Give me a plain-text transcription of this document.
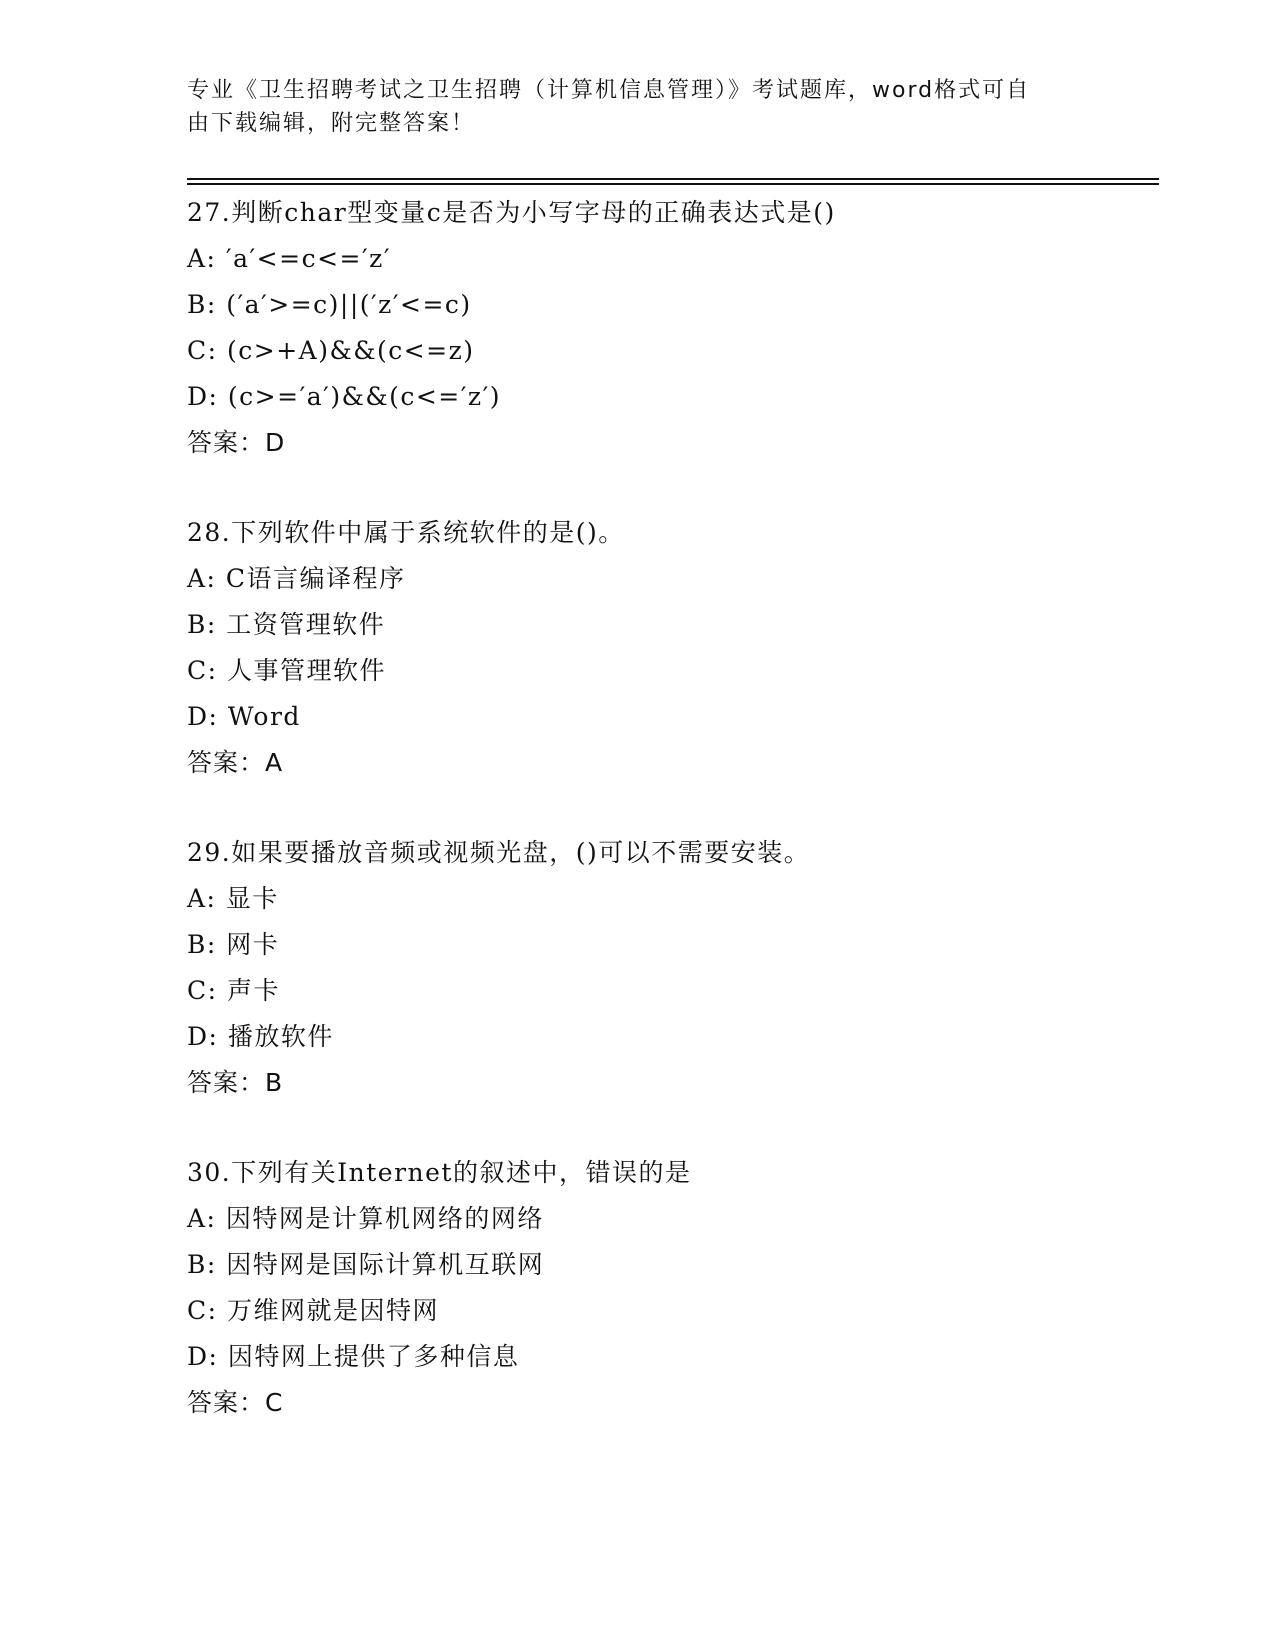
专业《卫生招聘考试之卫生招聘（计算机信息管理）》考试题库，word格式可自
由下载编辑，附完整答案！
27.判断char型变量c是否为小写字母的正确表达式是()
A: ′a′<=c<=′z′
B: (′a′>=c)||(′z′<=c)
C: (c>+A)&&(c<=z)
D: (c>=′a′)&&(c<=′z′)
答案：D
28.下列软件中属于系统软件的是()。
A: C语言编译程序
B: 工资管理软件
C: 人事管理软件
D: Word
答案：A
29.如果要播放音频或视频光盘，()可以不需要安装。
A: 显卡
B: 网卡
C: 声卡
D: 播放软件
答案：B
30.下列有关Internet的叙述中，错误的是
A: 因特网是计算机网络的网络
B: 因特网是国际计算机互联网
C: 万维网就是因特网
D: 因特网上提供了多种信息
答案：C
